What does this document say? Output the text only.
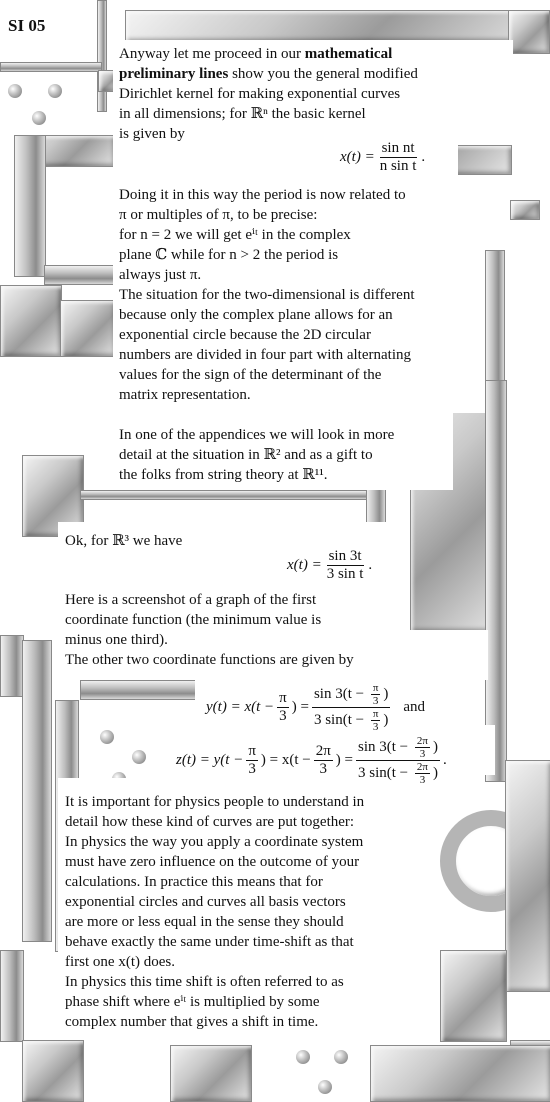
SI 05
Anyway let me proceed in our mathematical
preliminary lines show you the general modified
Dirichlet kernel for making exponential curves
in all dimensions; for ℝⁿ the basic kernel
is given by
$x(t) = \frac{\text{sin nt}}{\text{n sin t}}$ .
Doing it in this way the period is now related to
π or multiples of π, to be precise:
for n = 2 we will get eⁱᵗ in the complex
plane ℂ while for n > 2 the period is
always just π.
The situation for the two-dimensional is different
because only the complex plane allows for an
exponential circle because the 2D circular
numbers are divided in four part with alternating
values for the sign of the determinant of the
matrix representation.
In one of the appendices we will look in more
detail at the situation in ℝ² and as a gift to
the folks from string theory at ℝ¹¹.
Ok, for ℝ³ we have
$x(t) = \frac{\sin 3t}{\text{3 sin t}}$ .
Here is a screenshot of a graph of the first
coordinate function (the minimum value is
minus one third).
The other two coordinate functions are given by
$y(t) = x(t - \frac{\pi}{3}$ ) = $\frac{\sin 3(t - \frac{\pi}{3} )}{3 \sin(t - \frac{\pi}{3} )}$ and
$z(t) = y(t - \frac{\pi}{3}$ ) = $x(t - \frac{2\pi}{3}$ ) = $\frac{\sin 3(t - \frac{2\pi}{3} )}{3 \sin(t - \frac{2\pi}{3} )}$ .
It is important for physics people to understand in
detail how these kind of curves are put together:
In physics the way you apply a coordinate system
must have zero influence on the outcome of your
calculations. In practice this means that for
exponential circles and curves all basis vectors
are more or less equal in the sense they should
behave exactly the same under time-shift as that
first one x(t) does.
In physics this time shift is often referred to as
phase shift where eⁱᵗ is multiplied by some
complex number that gives a shift in time.
